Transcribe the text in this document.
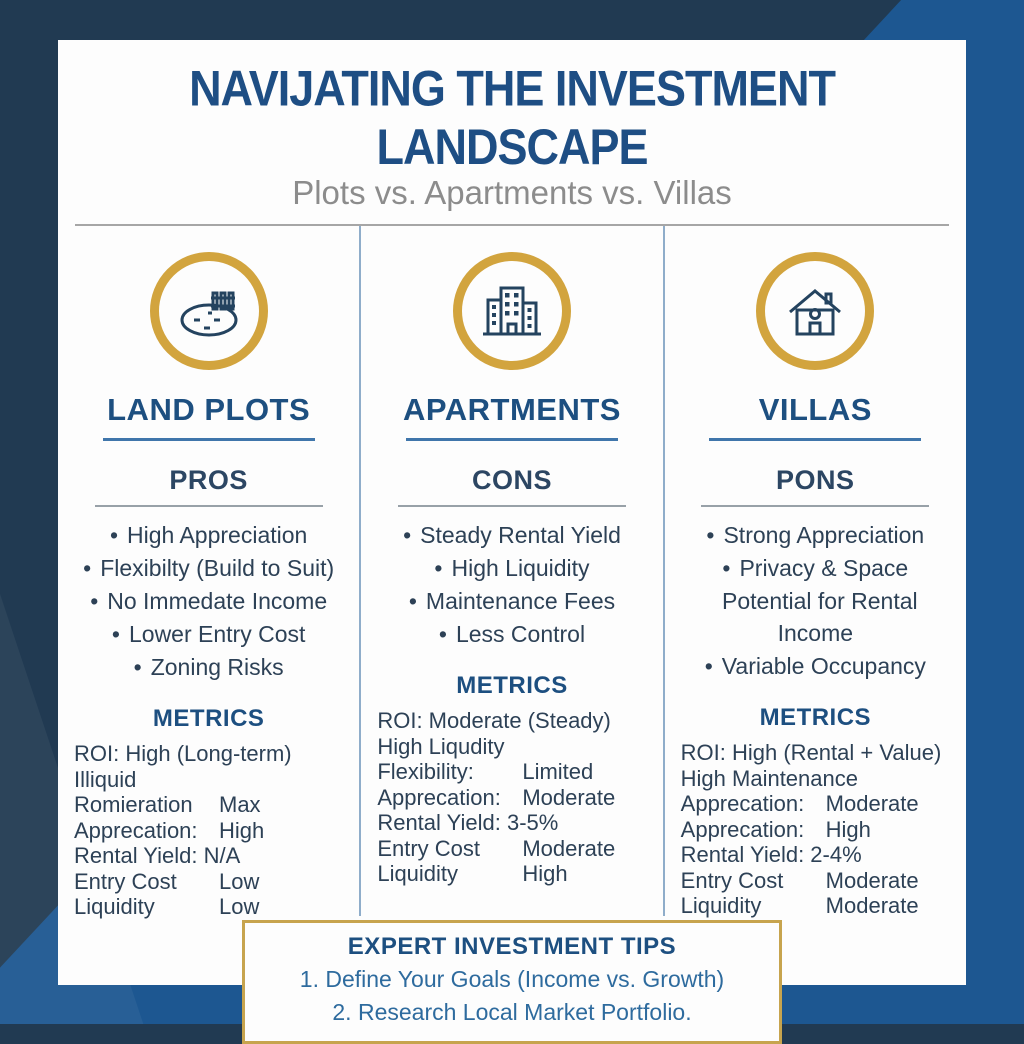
NAVIJATING THE INVESTMENT LANDSCAPE
Plots vs. Apartments vs. Villas
LAND PLOTS
PROS
• High Appreciation
• Flexibilty (Build to Suit)
• No Immedate Income
• Lower Entry Cost
• Zoning Risks
METRICS
ROI: High (Long-term)
Illiquid
Romieration	Max
Apprecation: High
Rental Yield: N/A
Entry Cost	Low
Liquidity	Low
APARTMENTS
CONS
• Steady Rental Yield
• High Liquidity
• Maintenance Fees
• Less Control
METRICS
ROI: Moderate (Steady)
High Liqudity
Flexibility:	Limited
Apprecation: Moderate
Rental Yield: 3-5%
Entry Cost	Moderate
Liquidity	High
VILLAS
PONS
• Strong Appreciation
• Privacy & Space
Potential for Rental Income
• Variable Occupancy
METRICS
ROI: High (Rental + Value)
High Maintenance
Apprecation: Moderate
Apprecation: High
Rental Yield: 2-4%
Entry Cost	Moderate
Liquidity	Moderate
EXPERT INVESTMENT TIPS
1. Define Your Goals (Income vs. Growth)
2. Research Local Market Portfolio.
